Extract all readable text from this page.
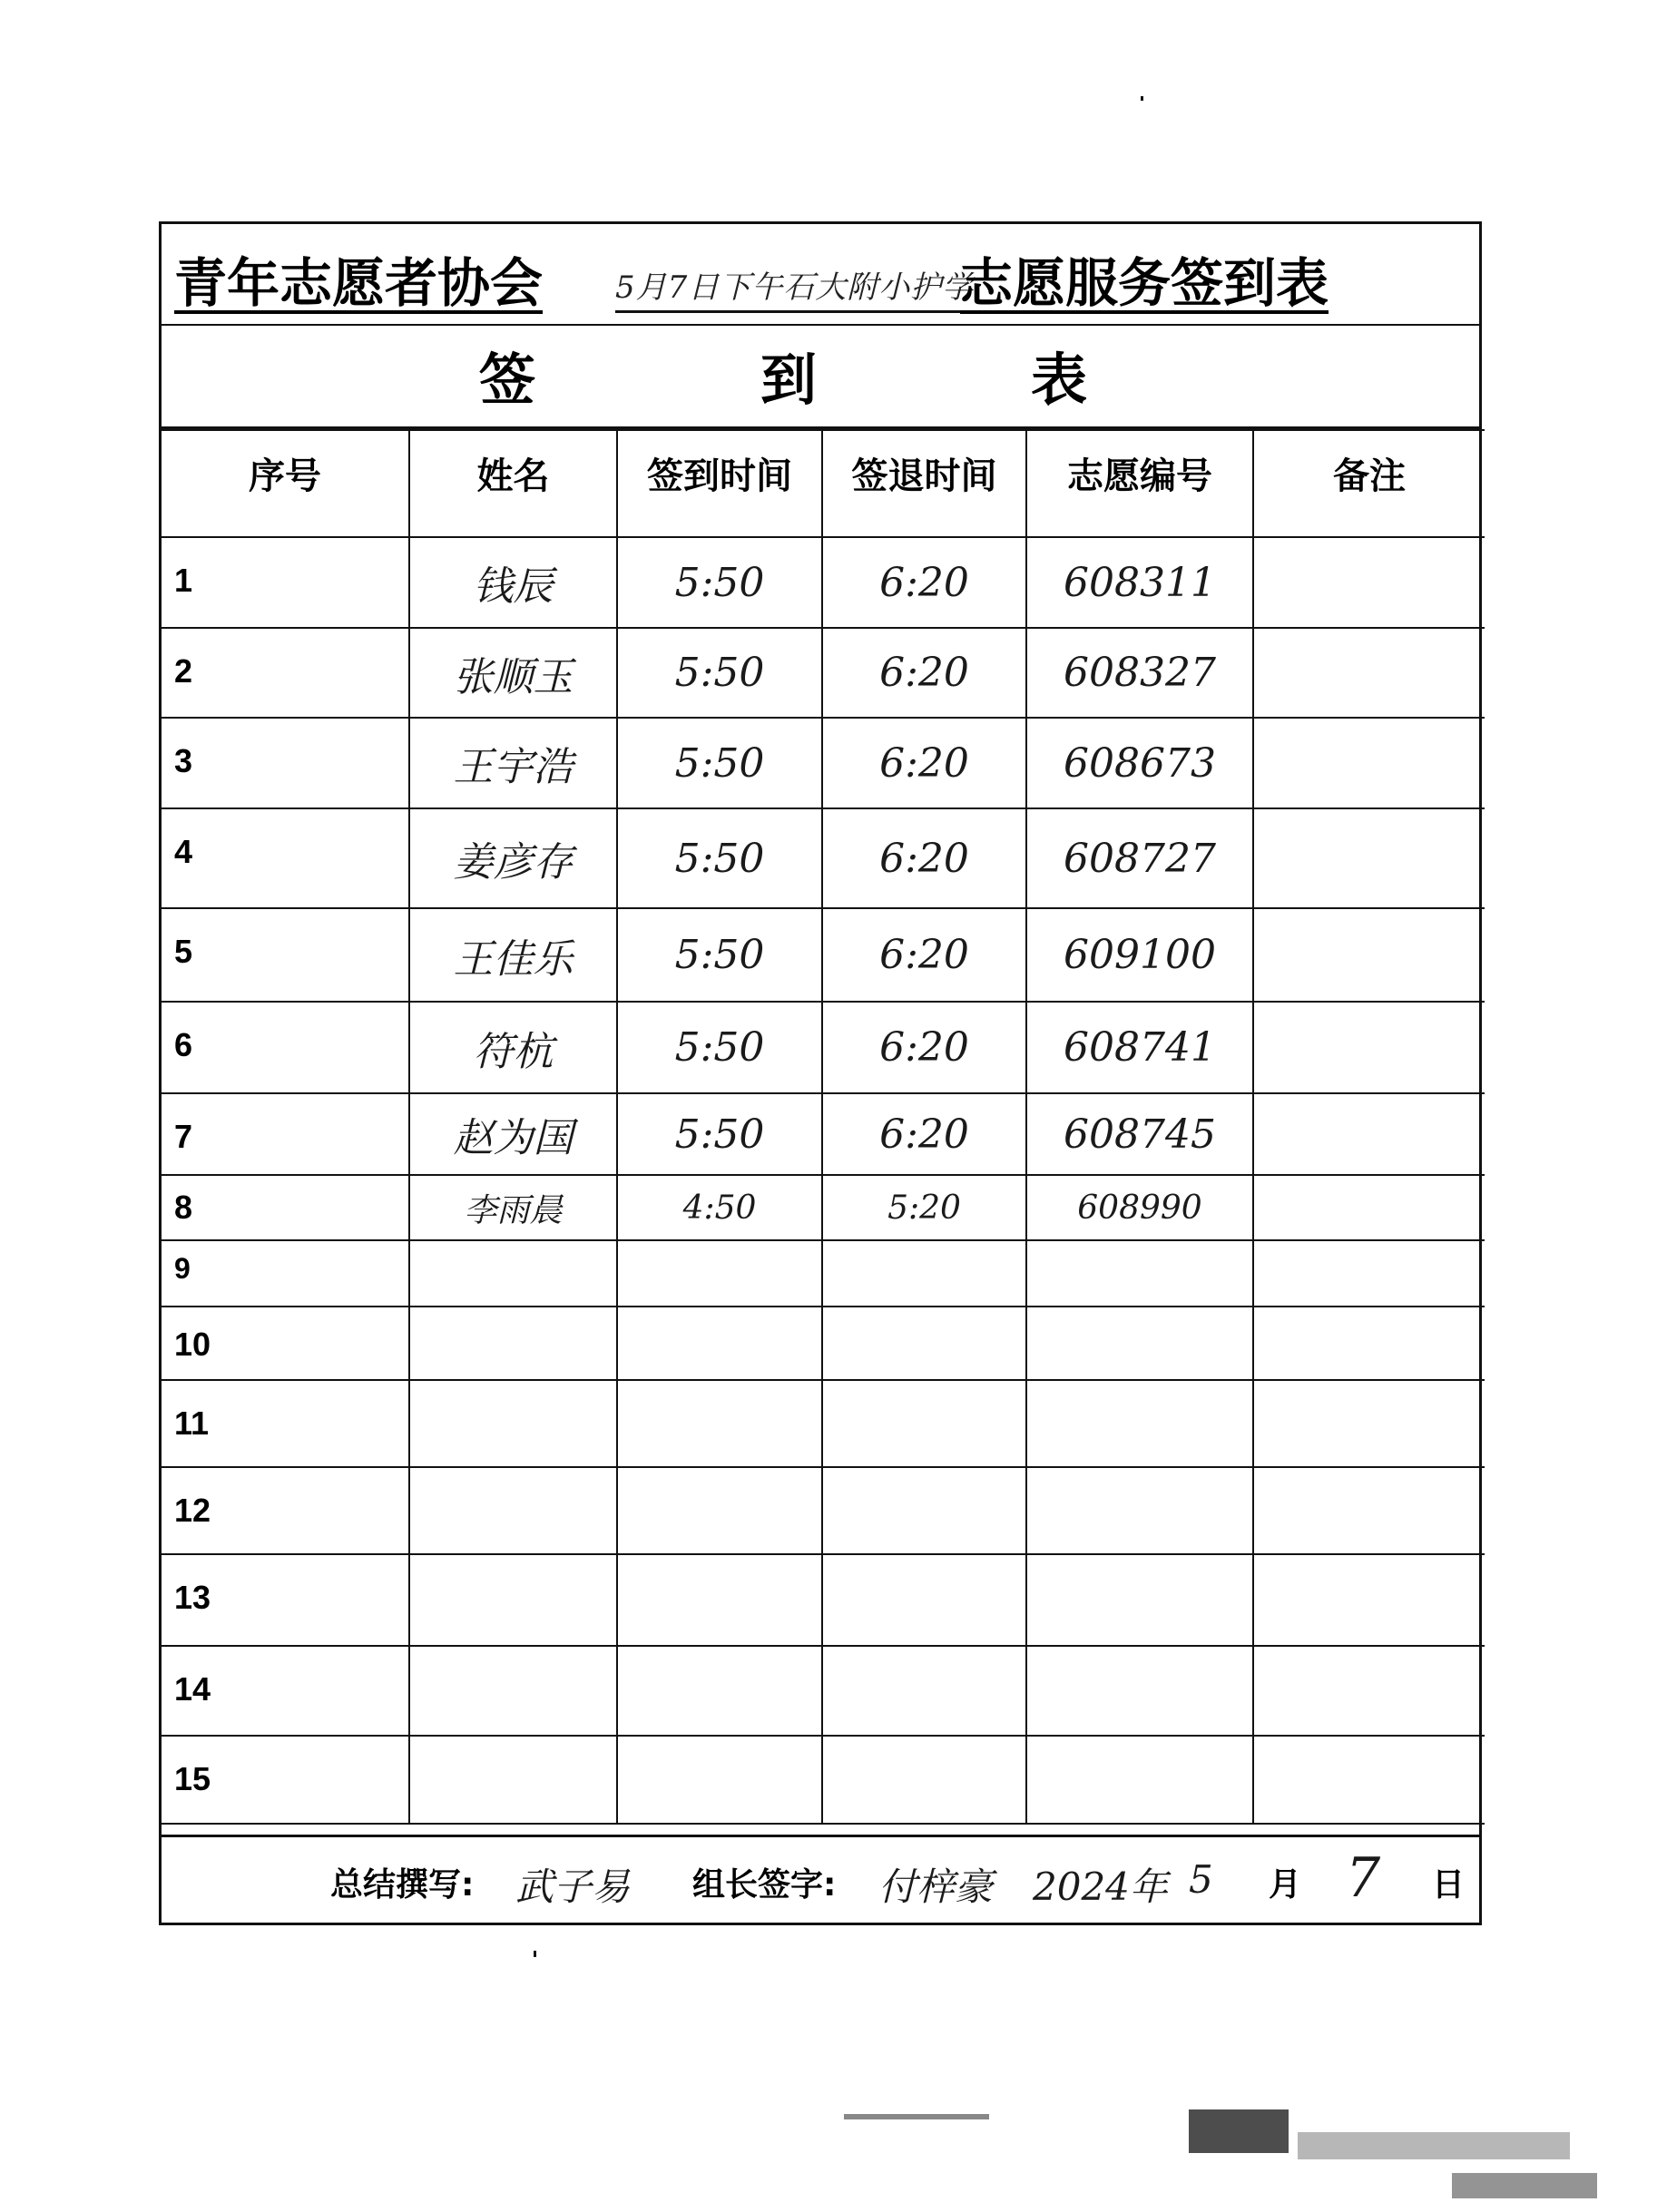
青年志愿者协会 5月7日下午石大附小护学
志愿服务签到表
签	到	表
序号	姓名	签到时间	签退时间	志愿编号	备注
1	钱辰	5:50	6:20	608311	
2	张顺玉	5:50	6:20	608327	
3	王宇浩	5:50	6:20	608673	
4	姜彦存	5:50	6:20	608727	
5	王佳乐	5:50	6:20	609100	
6	符杭	5:50	6:20	608741	
7	赵为国	5:50	6:20	608745	
8	李雨晨	4:50	5:20	608990	
9					
10					
11					
12					
13					
14					
15					
总结撰写: 武子易 组长签字: 付梓豪 2024年 5 月 7 日
